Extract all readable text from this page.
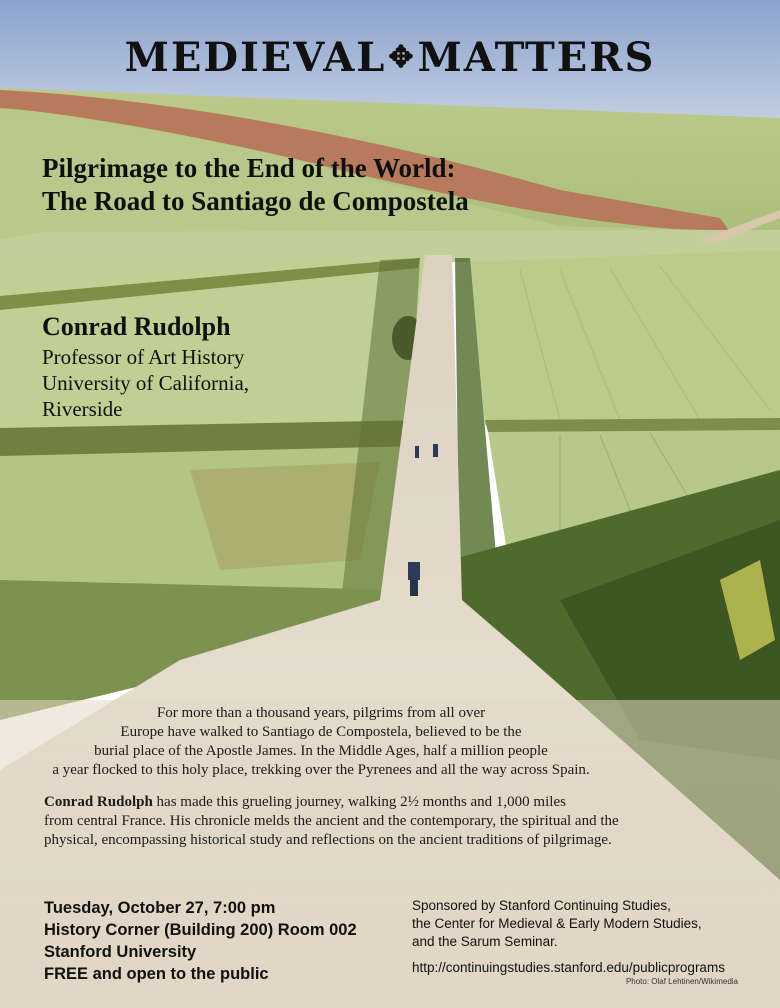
MEDIEVAL✥MATTERS
Pilgrimage to the End of the World:
The Road to Santiago de Compostela
Conrad Rudolph
Professor of Art History
University of California,
Riverside
For more than a thousand years, pilgrims from all over
Europe have walked to Santiago de Compostela, believed to be the
burial place of the Apostle James. In the Middle Ages, half a million people
a year flocked to this holy place, trekking over the Pyrenees and all the way across Spain.
Conrad Rudolph has made this grueling journey, walking 2½ months and 1,000 miles
from central France. His chronicle melds the ancient and the contemporary, the spiritual and the
physical, encompassing historical study and reflections on the ancient traditions of pilgrimage.
Tuesday, October 27, 7:00 pm
History Corner (Building 200) Room 002
Stanford University
FREE and open to the public
Sponsored by Stanford Continuing Studies,
the Center for Medieval & Early Modern Studies,
and the Sarum Seminar.
http://continuingstudies.stanford.edu/publicprograms
Photo: Olaf Lehtinen/Wikimedia
